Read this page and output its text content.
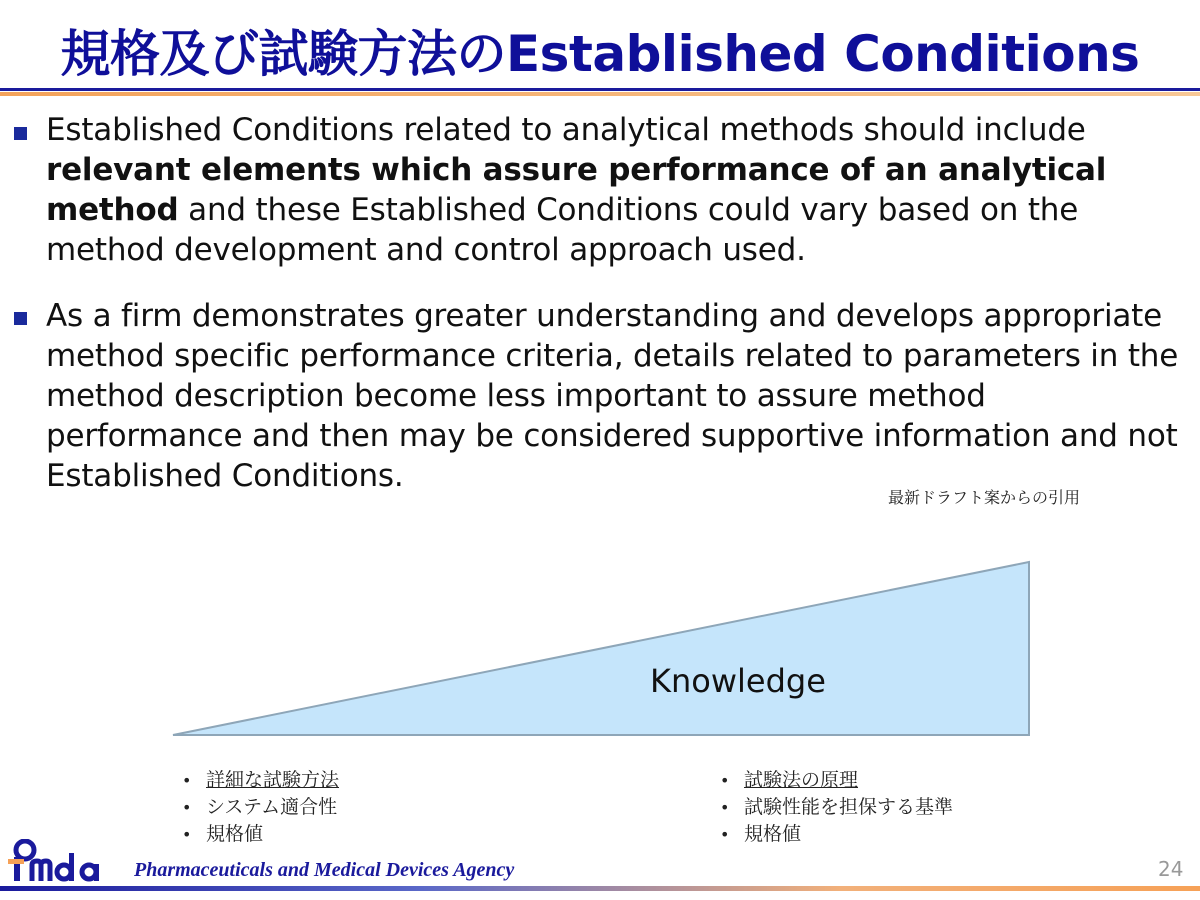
規格及び試験方法のEstablished Conditions
Established Conditions related to analytical methods should include relevant elements which assure performance of an analytical method and these Established Conditions could vary based on the method development and control approach used.
As a firm demonstrates greater understanding and develops appropriate method specific performance criteria, details related to parameters in the method description become less important to assure method performance and then may be considered supportive information and not Established Conditions.
最新ドラフト案からの引用
Knowledge
• 詳細な試験方法
• システム適合性
• 規格値
• 試験法の原理
• 試験性能を担保する基準
• 規格値
Pharmaceuticals and Medical Devices Agency	24
